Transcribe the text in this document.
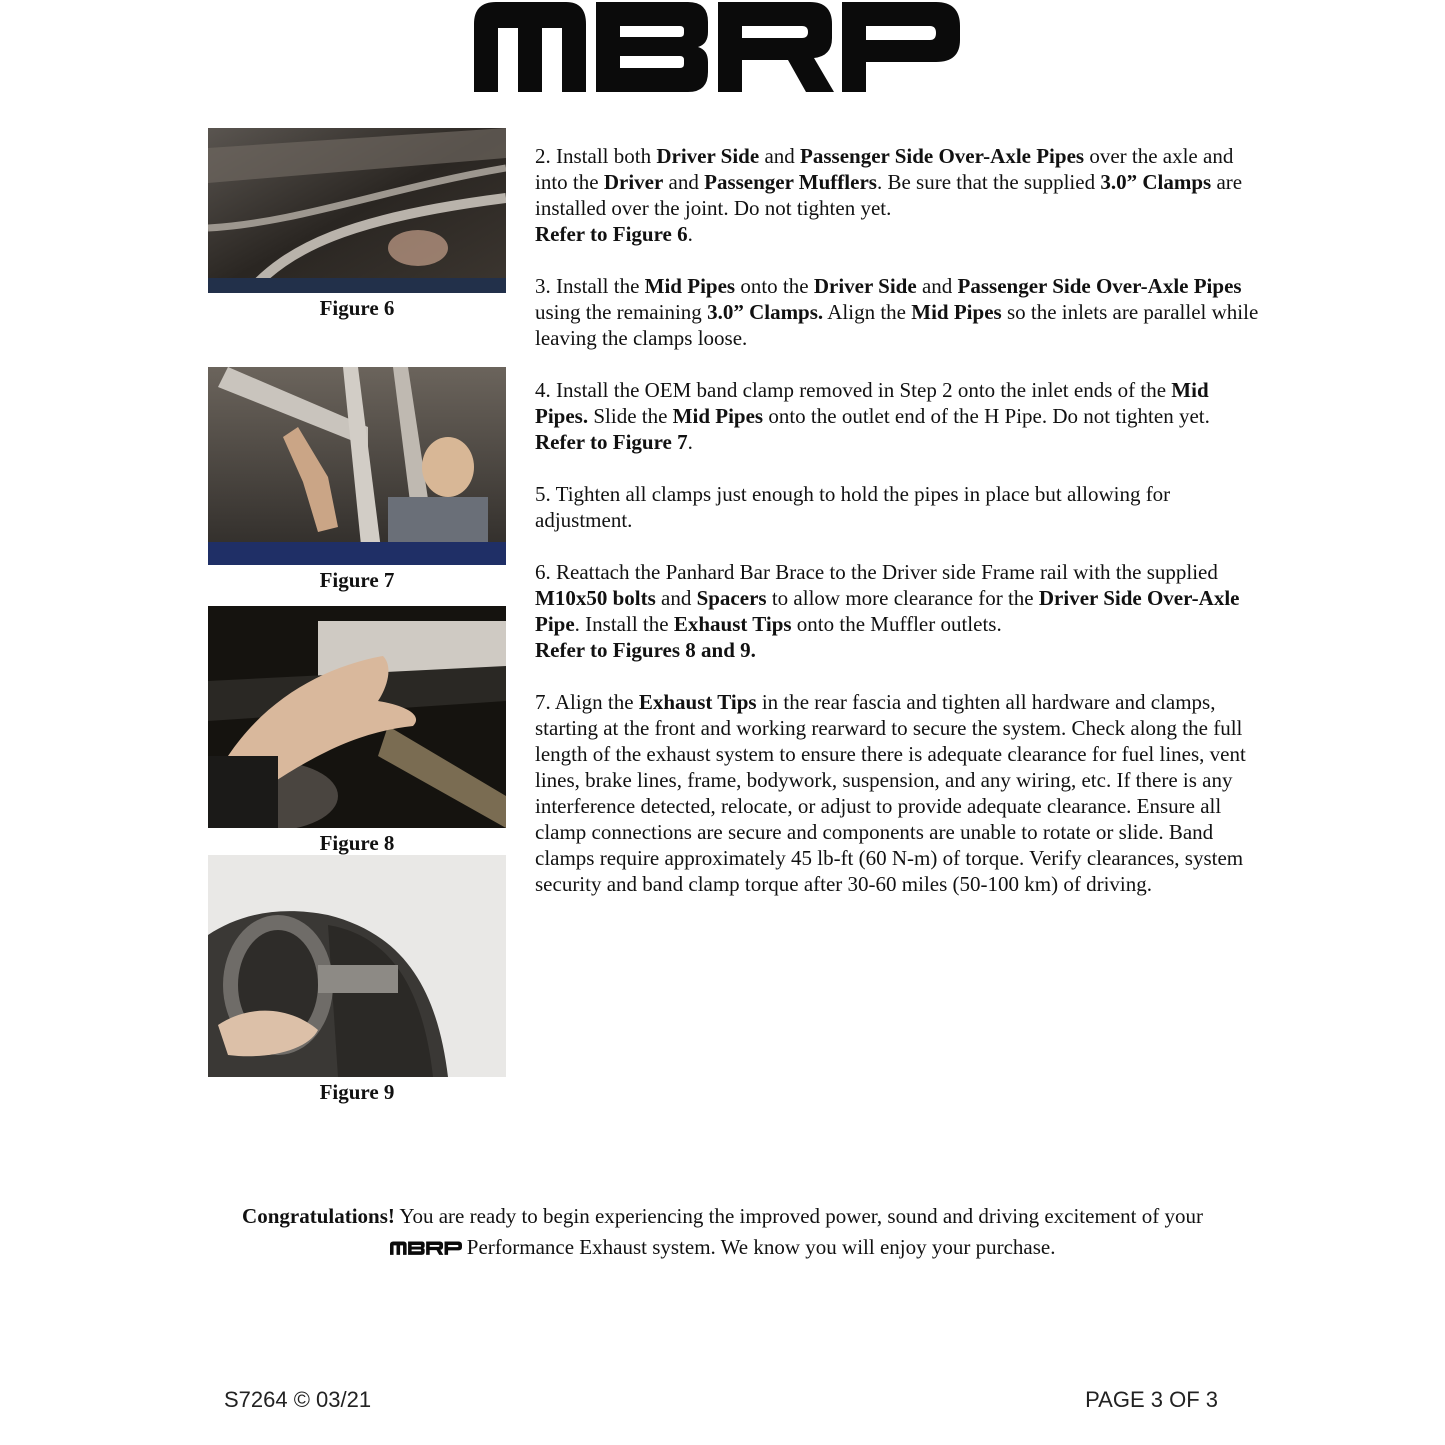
Figure 6
Figure 7
Figure 8
Figure 9

2. Install both Driver Side and Passenger Side Over-Axle Pipes over the axle and into the Driver and Passenger Mufflers. Be sure that the supplied 3.0” Clamps are installed over the joint. Do not tighten yet.

Refer to Figure 6.

3. Install the Mid Pipes onto the Driver Side and Passenger Side Over-Axle Pipes using the remaining 3.0” Clamps. Align the Mid Pipes so the inlets are parallel while leaving the clamps loose.

4. Install the OEM band clamp removed in Step 2 onto the inlet ends of the Mid Pipes. Slide the Mid Pipes onto the outlet end of the H Pipe. Do not tighten yet.

Refer to Figure 7.

5. Tighten all clamps just enough to hold the pipes in place but allowing for adjustment.

6. Reattach the Panhard Bar Brace to the Driver side Frame rail with the supplied M10x50 bolts and Spacers to allow more clearance for the Driver Side Over-Axle Pipe. Install the Exhaust Tips onto the Muffler outlets.

Refer to Figures 8 and 9.

7. Align the Exhaust Tips in the rear fascia and tighten all hardware and clamps, starting at the front and working rearward to secure the system. Check along the full length of the exhaust system to ensure there is adequate clearance for fuel lines, vent lines, brake lines, frame, bodywork, suspension, and any wiring, etc. If there is any interference detected, relocate, or adjust to provide adequate clearance. Ensure all clamp connections are secure and components are unable to rotate or slide. Band clamps require approximately 45 lb-ft (60 N-m) of torque. Verify clearances, system security and band clamp torque after 30-60 miles (50-100 km) of driving.

Congratulations! You are ready to begin experiencing the improved power, sound and driving excitement of your
Performance Exhaust system. We know you will enjoy your purchase.
S7264 © 03/21	PAGE 3 OF 3
